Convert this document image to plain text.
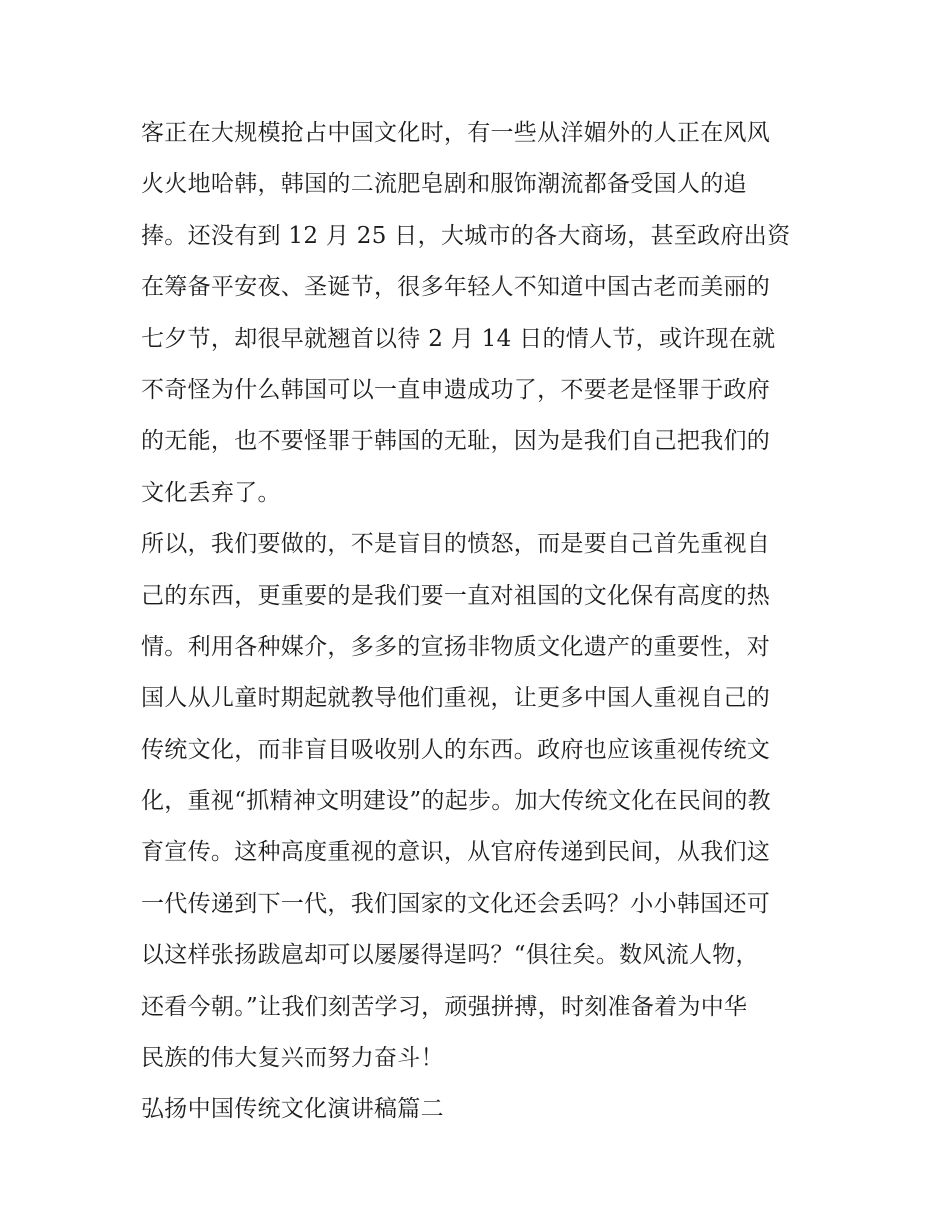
客正在大规模抢占中国文化时，有一些从洋媚外的人正在风风
火火地哈韩，韩国的二流肥皂剧和服饰潮流都备受国人的追
捧。还没有到 12 月 25 日，大城市的各大商场，甚至政府出资
在筹备平安夜、圣诞节，很多年轻人不知道中国古老而美丽的
七夕节，却很早就翘首以待 2 月 14 日的情人节，或许现在就
不奇怪为什么韩国可以一直申遗成功了，不要老是怪罪于政府
的无能，也不要怪罪于韩国的无耻，因为是我们自己把我们的
文化丢弃了。
所以，我们要做的，不是盲目的愤怒，而是要自己首先重视自
己的东西，更重要的是我们要一直对祖国的文化保有高度的热
情。利用各种媒介，多多的宣扬非物质文化遗产的重要性，对
国人从儿童时期起就教导他们重视，让更多中国人重视自己的
传统文化，而非盲目吸收别人的东西。政府也应该重视传统文
化，重视“抓精神文明建设”的起步。加大传统文化在民间的教
育宣传。这种高度重视的意识，从官府传递到民间，从我们这
一代传递到下一代，我们国家的文化还会丢吗？小小韩国还可
以这样张扬跋扈却可以屡屡得逞吗？“俱往矣。数风流人物，
还看今朝。”让我们刻苦学习，顽强拼搏，时刻准备着为中华
民族的伟大复兴而努力奋斗！
弘扬中国传统文化演讲稿篇二
